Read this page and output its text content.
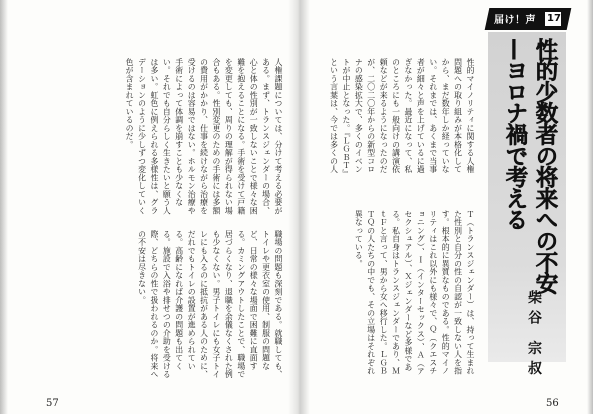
届け！声 17
性的少数者の将来への不安—ヨロナ禍で考える
柴谷 宗叔
性的マイノリティに関する人権問題への取り組みが本格化してから、まだ数年しか経っていない。それまでは、あくまで当事者が細々と声を上げているに過ぎなかった。最近になって、私のところにも一般向けの講演依頼などが来るようになったのだが、二〇二〇年からの新型コロナの感染拡大で、多くのイベントが中止となった。『ＬＧＢＴ』という言葉は、今では多くの人
Ｔ（トランスジェンダー）は、持って生まれた性別と自分の性の自認が一致しない人を指す。根本的に異質なものである。性的マイノリティはこれ以外にも様々で、Ｑ（クエスチョニング）、Ｉ（インターセックス）、Ａ（アセクシュアル）、Ｘジェンダーなど多様である。私自身はトランスジェンダーであり、ＭｔＦと言って、男から女へ移行した。ＬＧＢＴＱの人たちの中でも、その立場はそれぞれ異なっている。
人権課題については、分けて考える必要がある。まず、トランスジェンダーの場合、心と体の性別が一致しないことで様々な困難を抱えることになる。手術を受けて戸籍を変更しても、周りの理解が得られない場合もある。性別変更のための手術には多額の費用がかかり、仕事を続けながら治療を受けるのは容易ではない。ホルモン治療や手術によって体調を崩すことも少なくない。それでも自分らしく生きたいと願う人は多い。虹色に例えられる多様性は、グラデーションのように少しずつ変化していく色が含まれているのだ。
職場の問題も深刻である。就職しても、トイレや更衣室の使用、制服の問題など、日常の様々な場面で困難に直面する。カミングアウトしたことで、職場で居づらくなり、退職を余儀なくされた例も少なくない。男子トイレにも女子トイレにも入るのに抵抗がある人のために、だれでもトイレの設置が進められている。高齢になれば介護の問題も出てくる。施設で入浴や排せつの介助を受ける際、どちらの性で扱われるのか。将来への不安は尽きない。
57	56
